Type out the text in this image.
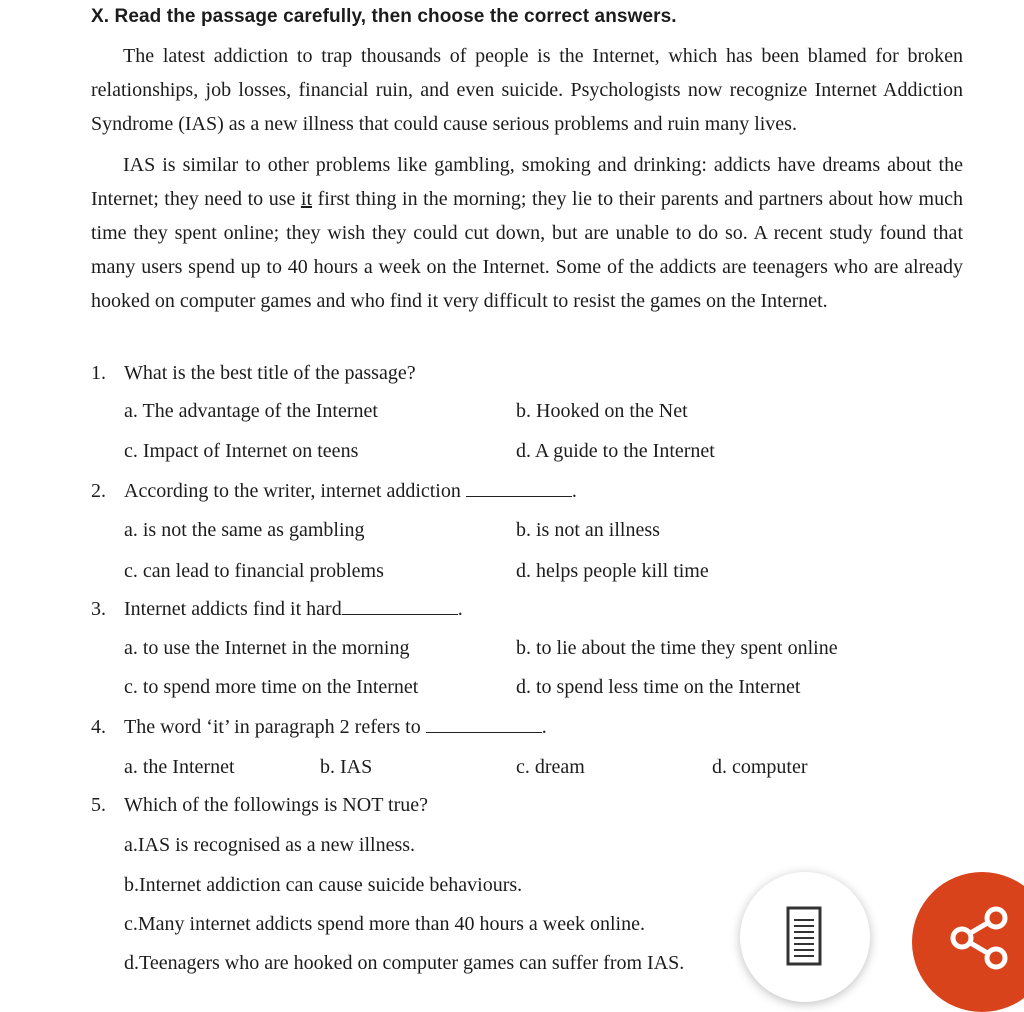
X. Read the passage carefully, then choose the correct answers.

The latest addiction to trap thousands of people is the Internet, which has been blamed for broken relationships, job losses, financial ruin, and even suicide. Psychologists now recognize Internet Addiction Syndrome (IAS) as a new illness that could cause serious problems and ruin many lives.

IAS is similar to other problems like gambling, smoking and drinking: addicts have dreams about the Internet; they need to use it first thing in the morning; they lie to their parents and partners about how much time they spent online; they wish they could cut down, but are unable to do so. A recent study found that many users spend up to 40 hours a week on the Internet. Some of the addicts are teenagers who are already hooked on computer games and who find it very difficult to resist the games on the Internet.

1. What is the best title of the passage?
a. The advantage of the Internet	b. Hooked on the Net
c. Impact of Internet on teens	d. A guide to the Internet
2. According to the writer, internet addiction	.
a. is not the same as gambling	b. is not an illness
c. can lead to financial problems	d. helps people kill time
3. Internet addicts find it hard	.
a. to use the Internet in the morning	b. to lie about the time they spent online
c. to spend more time on the Internet	d. to spend less time on the Internet
4. The word ‘it’ in paragraph 2 refers to	.
a. the Internet	b. IAS	c. dream	d. computer
5. Which of the followings is NOT true?
a.IAS is recognised as a new illness.
b.Internet addiction can cause suicide behaviours.
c.Many internet addicts spend more than 40 hours a week online.
d.Teenagers who are hooked on computer games can suffer from IAS.
